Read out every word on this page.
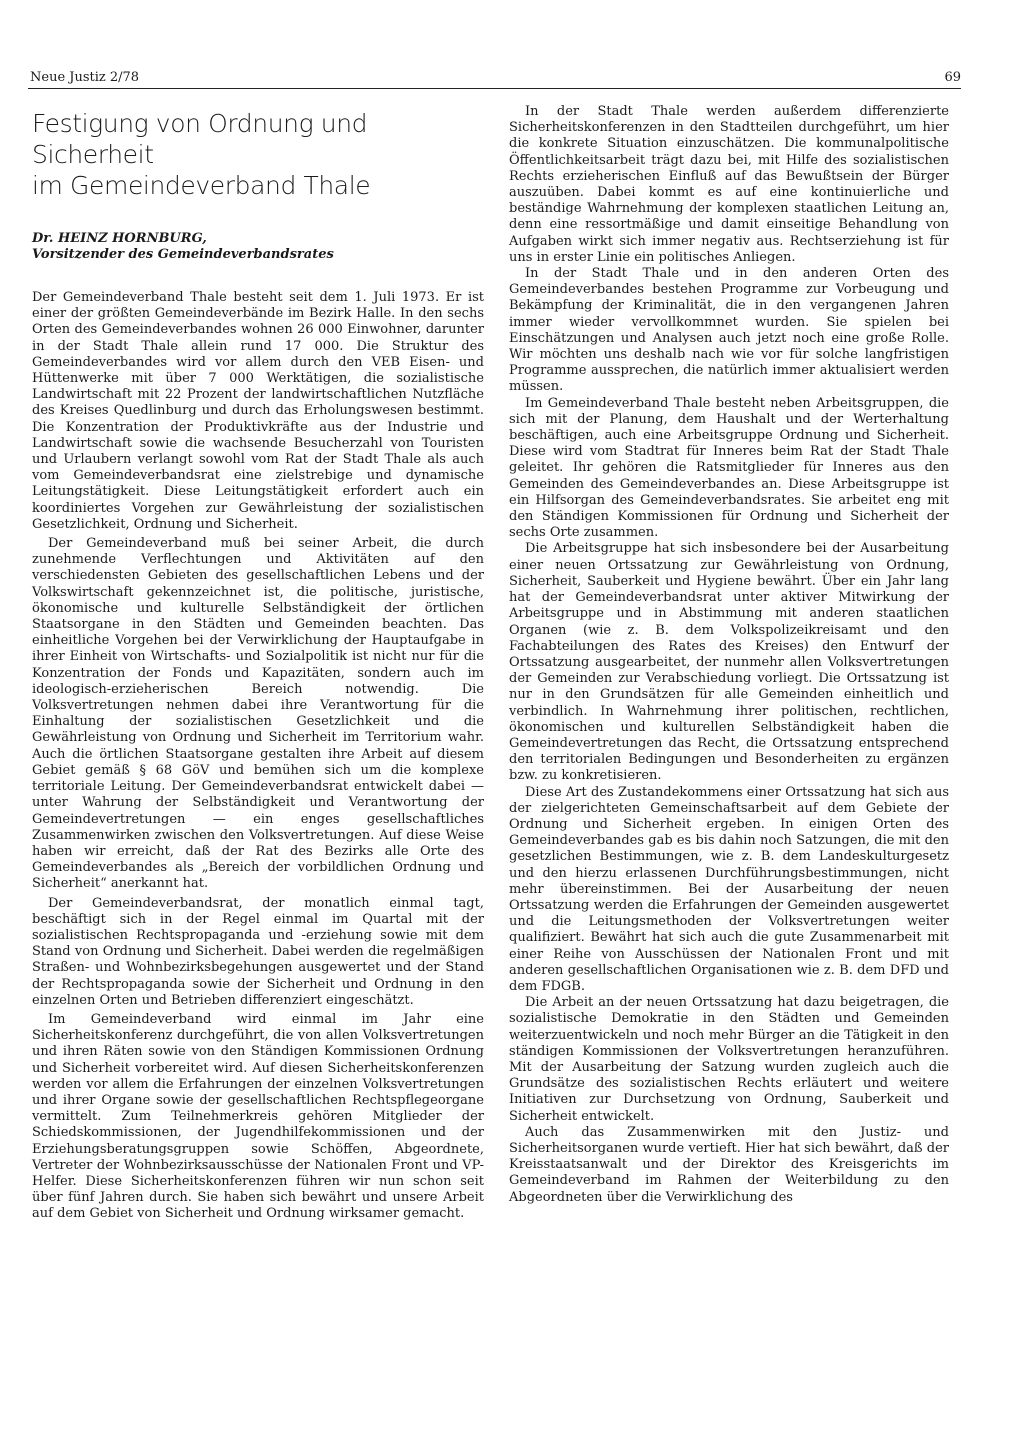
Neue Justiz 2/78	69
Festigung von Ordnung und Sicherheit
im Gemeindeverband Thale
Dr. HEINZ HORNBURG,
Vorsitzender des Gemeindeverbandsrates

Der Gemeindeverband Thale besteht seit dem 1. Juli 1973. Er ist einer der größten Gemeindeverbände im Bezirk Halle. In den sechs Orten des Gemeindeverbandes wohnen 26 000 Einwohner, darunter in der Stadt Thale allein rund 17 000. Die Struktur des Gemeindeverbandes wird vor allem durch den VEB Eisen- und Hüttenwerke mit über 7 000 Werktätigen, die sozialistische Landwirtschaft mit 22 Prozent der landwirtschaftlichen Nutzfläche des Kreises Quedlinburg und durch das Erholungswesen bestimmt. Die Konzentration der Produktivkräfte aus der Industrie und Landwirtschaft sowie die wachsende Besucherzahl von Touristen und Urlaubern verlangt sowohl vom Rat der Stadt Thale als auch vom Gemeindeverbandsrat eine zielstrebige und dynamische Leitungstätigkeit. Diese Leitungstätigkeit erfordert auch ein koordiniertes Vorgehen zur Gewährleistung der sozialistischen Gesetzlichkeit, Ordnung und Sicherheit.

Der Gemeindeverband muß bei seiner Arbeit, die durch zunehmende Verflechtungen und Aktivitäten auf den verschiedensten Gebieten des gesellschaftlichen Lebens und der Volkswirtschaft gekennzeichnet ist, die politische, juristische, ökonomische und kulturelle Selbständigkeit der örtlichen Staatsorgane in den Städten und Gemeinden beachten. Das einheitliche Vorgehen bei der Verwirklichung der Hauptaufgabe in ihrer Einheit von Wirtschafts- und Sozialpolitik ist nicht nur für die Konzentration der Fonds und Kapazitäten, sondern auch im ideologisch-erzieherischen Bereich notwendig. Die Volksvertretungen nehmen dabei ihre Verantwortung für die Einhaltung der sozialistischen Gesetzlichkeit und die Gewährleistung von Ordnung und Sicherheit im Territorium wahr. Auch die örtlichen Staatsorgane gestalten ihre Arbeit auf diesem Gebiet gemäß § 68 GöV und bemühen sich um die komplexe territoriale Leitung. Der Gemeindeverbandsrat entwickelt dabei — unter Wahrung der Selbständigkeit und Verantwortung der Gemeindevertretungen — ein enges gesellschaftliches Zusammenwirken zwischen den Volksvertretungen. Auf diese Weise haben wir erreicht, daß der Rat des Bezirks alle Orte des Gemeindeverbandes als „Bereich der vorbildlichen Ordnung und Sicherheit“ anerkannt hat.

Der Gemeindeverbandsrat, der monatlich einmal tagt, beschäftigt sich in der Regel einmal im Quartal mit der sozialistischen Rechtspropaganda und -erziehung sowie mit dem Stand von Ordnung und Sicherheit. Dabei werden die regelmäßigen Straßen- und Wohnbezirksbegehungen ausgewertet und der Stand der Rechtspropaganda sowie der Sicherheit und Ordnung in den einzelnen Orten und Betrieben differenziert eingeschätzt.

Im Gemeindeverband wird einmal im Jahr eine Sicherheitskonferenz durchgeführt, die von allen Volksvertretungen und ihren Räten sowie von den Ständigen Kommissionen Ordnung und Sicherheit vorbereitet wird. Auf diesen Sicherheitskonferenzen werden vor allem die Erfahrungen der einzelnen Volksvertretungen und ihrer Organe sowie der gesellschaftlichen Rechtspflegeorgane vermittelt. Zum Teilnehmerkreis gehören Mitglieder der Schiedskommissionen, der Jugendhilfekommissionen und der Erziehungsberatungsgruppen sowie Schöffen, Abgeordnete, Vertreter der Wohnbezirksausschüsse der Nationalen Front und VP-Helfer. Diese Sicherheitskonferenzen führen wir nun schon seit über fünf Jahren durch. Sie haben sich bewährt und unsere Arbeit auf dem Gebiet von Sicherheit und Ordnung wirksamer gemacht.

In der Stadt Thale werden außerdem differenzierte Sicherheitskonferenzen in den Stadtteilen durchgeführt, um hier die konkrete Situation einzuschätzen. Die kommunalpolitische Öffentlichkeitsarbeit trägt dazu bei, mit Hilfe des sozialistischen Rechts erzieherischen Einfluß auf das Bewußtsein der Bürger auszuüben. Dabei kommt es auf eine kontinuierliche und beständige Wahrnehmung der komplexen staatlichen Leitung an, denn eine ressortmäßige und damit einseitige Behandlung von Aufgaben wirkt sich immer negativ aus. Rechtserziehung ist für uns in erster Linie ein politisches Anliegen.

In der Stadt Thale und in den anderen Orten des Gemeindeverbandes bestehen Programme zur Vorbeugung und Bekämpfung der Kriminalität, die in den vergangenen Jahren immer wieder vervollkommnet wurden. Sie spielen bei Einschätzungen und Analysen auch jetzt noch eine große Rolle. Wir möchten uns deshalb nach wie vor für solche langfristigen Programme aussprechen, die natürlich immer aktualisiert werden müssen.

Im Gemeindeverband Thale besteht neben Arbeitsgruppen, die sich mit der Planung, dem Haushalt und der Werterhaltung beschäftigen, auch eine Arbeitsgruppe Ordnung und Sicherheit. Diese wird vom Stadtrat für Inneres beim Rat der Stadt Thale geleitet. Ihr gehören die Ratsmitglieder für Inneres aus den Gemeinden des Gemeindeverbandes an. Diese Arbeitsgruppe ist ein Hilfsorgan des Gemeindeverbandsrates. Sie arbeitet eng mit den Ständigen Kommissionen für Ordnung und Sicherheit der sechs Orte zusammen.

Die Arbeitsgruppe hat sich insbesondere bei der Ausarbeitung einer neuen Ortssatzung zur Gewährleistung von Ordnung, Sicherheit, Sauberkeit und Hygiene bewährt. Über ein Jahr lang hat der Gemeindeverbandsrat unter aktiver Mitwirkung der Arbeitsgruppe und in Abstimmung mit anderen staatlichen Organen (wie z. B. dem Volkspolizeikreisamt und den Fachabteilungen des Rates des Kreises) den Entwurf der Ortssatzung ausgearbeitet, der nunmehr allen Volksvertretungen der Gemeinden zur Verabschiedung vorliegt. Die Ortssatzung ist nur in den Grundsätzen für alle Gemeinden einheitlich und verbindlich. In Wahrnehmung ihrer politischen, rechtlichen, ökonomischen und kulturellen Selbständigkeit haben die Gemeindevertretungen das Recht, die Ortssatzung entsprechend den territorialen Bedingungen und Besonderheiten zu ergänzen bzw. zu konkretisieren.

Diese Art des Zustandekommens einer Ortssatzung hat sich aus der zielgerichteten Gemeinschaftsarbeit auf dem Gebiete der Ordnung und Sicherheit ergeben. In einigen Orten des Gemeindeverbandes gab es bis dahin noch Satzungen, die mit den gesetzlichen Bestimmungen, wie z. B. dem Landeskulturgesetz und den hierzu erlassenen Durchführungsbestimmungen, nicht mehr übereinstimmen. Bei der Ausarbeitung der neuen Ortssatzung werden die Erfahrungen der Gemeinden ausgewertet und die Leitungsmethoden der Volksvertretungen weiter qualifiziert. Bewährt hat sich auch die gute Zusammenarbeit mit einer Reihe von Ausschüssen der Nationalen Front und mit anderen gesellschaftlichen Organisationen wie z. B. dem DFD und dem FDGB.

Die Arbeit an der neuen Ortssatzung hat dazu beigetragen, die sozialistische Demokratie in den Städten und Gemeinden weiterzuentwickeln und noch mehr Bürger an die Tätigkeit in den ständigen Kommissionen der Volksvertretungen heranzuführen. Mit der Ausarbeitung der Satzung wurden zugleich auch die Grundsätze des sozialistischen Rechts erläutert und weitere Initiativen zur Durchsetzung von Ordnung, Sauberkeit und Sicherheit entwickelt.

Auch das Zusammenwirken mit den Justiz- und Sicherheitsorganen wurde vertieft. Hier hat sich bewährt, daß der Kreisstaatsanwalt und der Direktor des Kreisgerichts im Gemeindeverband im Rahmen der Weiterbildung zu den Abgeordneten über die Verwirklichung des
